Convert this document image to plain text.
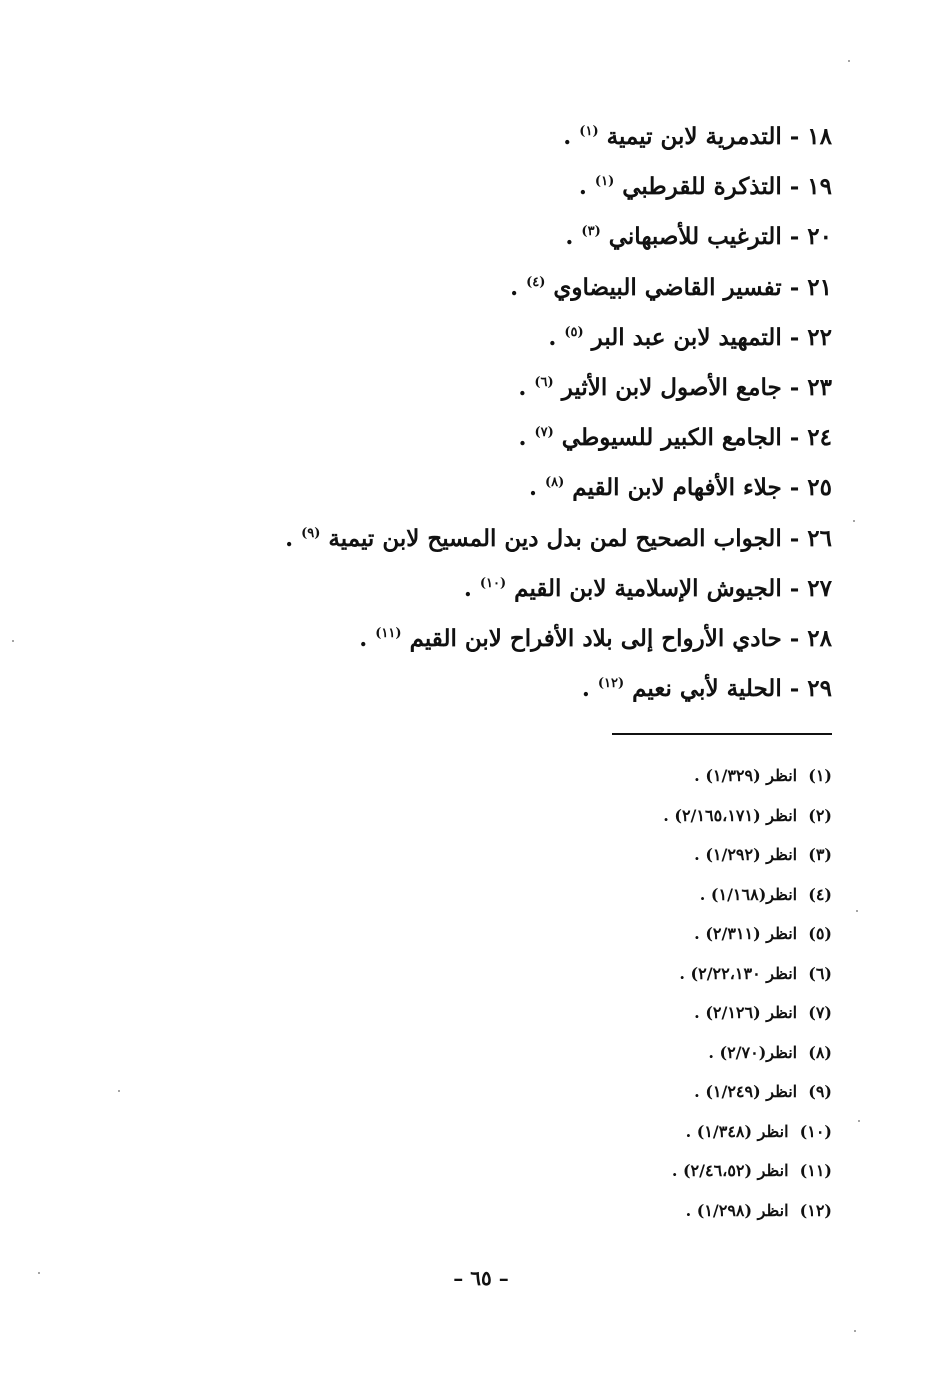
١٨ - التدمرية لابن تيمية $^{(١)}$ .
١٩ - التذكرة للقرطبي $^{(١)}$ .
٢٠ - الترغيب للأصبهاني $^{(٣)}$ .
٢١ - تفسير القاضي البيضاوي $^{(٤)}$ .
٢٢ - التمهيد لابن عبد البر $^{(٥)}$ .
٢٣ - جامع الأصول لابن الأثير $^{(٦)}$ .
٢٤ - الجامع الكبير للسيوطي $^{(٧)}$ .
٢٥ - جلاء الأفهام لابن القيم $^{(٨)}$ .
٢٦ - الجواب الصحيح لمن بدل دين المسيح لابن تيمية $^{(٩)}$ .
٢٧ - الجيوش الإسلامية لابن القيم $^{(١٠)}$ .
٢٨ - حادي الأرواح إلى بلاد الأفراح لابن القيم $^{(١١)}$ .
٢٩ - الحلية لأبي نعيم $^{(١٢)}$ .
(١)  انظر (١/٣٢٩) .
(٢)  انظر (٢/١٦٥،١٧١) .
(٣)  انظر (١/٢٩٢) .
(٤)  انظر(١/١٦٨) .
(٥)  انظر (٢/٣١١) .
(٦)  انظر ٢/٢٢،١٣٠) .
(٧)  انظر (٢/١٢٦) .
(٨)  انظر(٢/٧٠) .
(٩)  انظر (١/٢٤٩) .
(١٠)  انظر (١/٣٤٨) .
(١١)  انظر (٢/٤٦،٥٢) .
(١٢)  انظر (١/٢٩٨) .
– ٦٥ –
